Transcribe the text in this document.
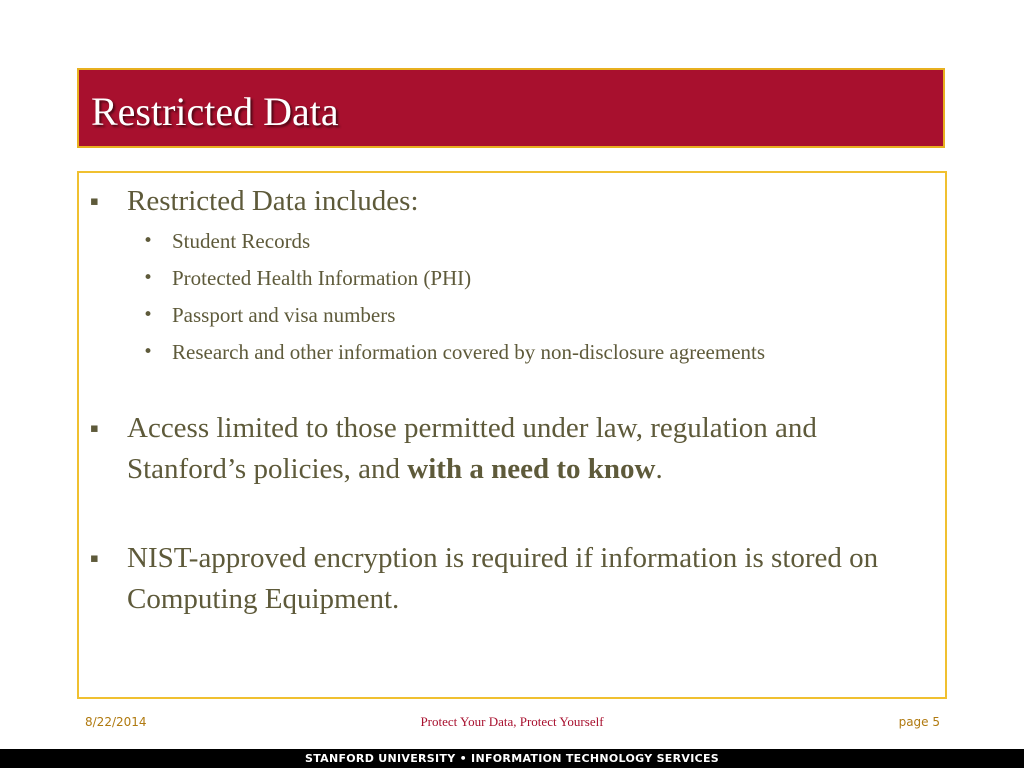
Restricted Data
▪ Restricted Data includes:
• Student Records
• Protected Health Information (PHI)
• Passport and visa numbers
• Research and other information covered by non-disclosure agreements
▪ Access limited to those permitted under law, regulation and Stanford’s policies, and with a need to know.
▪ NIST-approved encryption is required if information is stored on Computing Equipment.
8/22/2014	Protect Your Data, Protect Yourself	page 5
STANFORD UNIVERSITY • INFORMATION TECHNOLOGY SERVICES
